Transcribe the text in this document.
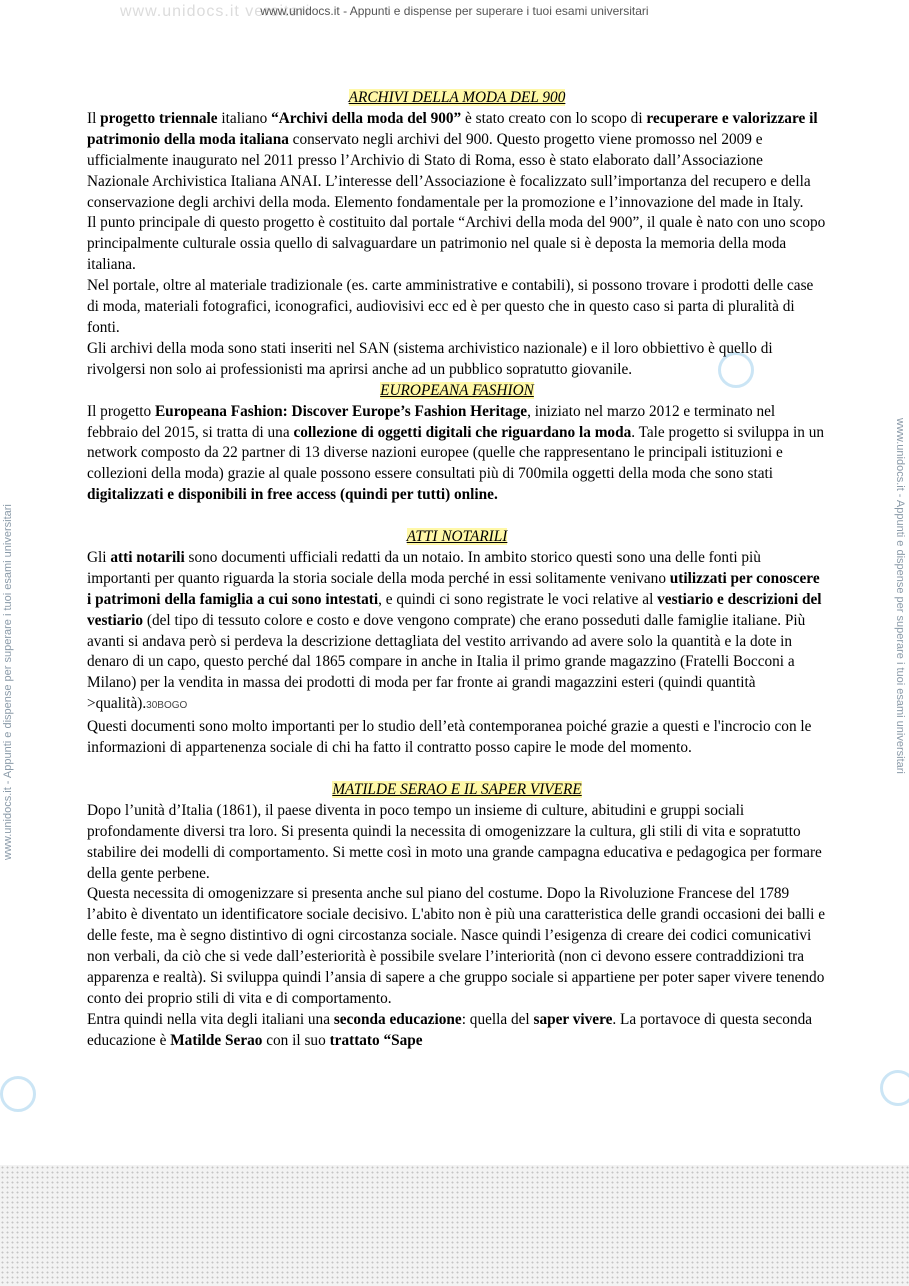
www.unidocs.it versitari
www.unidocs.it - Appunti e dispense per superare i tuoi esami universitari
www.unidocs.it - Appunti e dispense per superare i tuoi esami universitari	www.unidocs.it - Appunti e dispense per superare i tuoi esami universitari
ARCHIVI DELLA MODA DEL 900

Il progetto triennale italiano “Archivi della moda del 900” è stato creato con lo scopo di recuperare e valorizzare il patrimonio della moda italiana conservato negli archivi del 900. Questo progetto viene promosso nel 2009 e ufficialmente inaugurato nel 2011 presso l’Archivio di Stato di Roma, esso è stato elaborato dall’Associazione Nazionale Archivistica Italiana ANAI. L’interesse dell’Associazione è focalizzato sull’importanza del recupero e della conservazione degli archivi della moda. Elemento fondamentale per la promozione e l’innovazione del made in Italy.

Il punto principale di questo progetto è costituito dal portale “Archivi della moda del 900”, il quale è nato con uno scopo principalmente culturale ossia quello di salvaguardare un patrimonio nel quale si è deposta la memoria della moda italiana.

Nel portale, oltre al materiale tradizionale (es. carte amministrative e contabili), si possono trovare i prodotti delle case di moda, materiali fotografici, iconografici, audiovisivi ecc ed è per questo che in questo caso si parta di pluralità di fonti.

Gli archivi della moda sono stati inseriti nel SAN (sistema archivistico nazionale) e il loro obbiettivo è quello di rivolgersi non solo ai professionisti ma aprirsi anche ad un pubblico sopratutto giovanile.

EUROPEANA FASHION

Il progetto Europeana Fashion: Discover Europe’s Fashion Heritage, iniziato nel marzo 2012 e terminato nel febbraio del 2015, si tratta di una collezione di oggetti digitali che riguardano la moda. Tale progetto si sviluppa in un network composto da 22 partner di 13 diverse nazioni europee (quelle che rappresentano le principali istituzioni e collezioni della moda) grazie al quale possono essere consultati più di 700mila oggetti della moda che sono stati digitalizzati e disponibili in free access (quindi per tutti) online.

ATTI NOTARILI

Gli atti notarili sono documenti ufficiali redatti da un notaio. In ambito storico questi sono una delle fonti più importanti per quanto riguarda la storia sociale della moda perché in essi solitamente venivano utilizzati per conoscere i patrimoni della famiglia a cui sono intestati, e quindi ci sono registrate le voci relative al vestiario e descrizioni del vestiario (del tipo di tessuto colore e costo e dove vengono comprate) che erano posseduti dalle famiglie italiane. Più avanti si andava però si perdeva la descrizione dettagliata del vestito arrivando ad avere solo la quantità e la dote in denaro di un capo, questo perché dal 1865 compare in anche in Italia il primo grande magazzino (Fratelli Bocconi a Milano) per la vendita in massa dei prodotti di moda per far fronte ai grandi magazzini esteri (quindi quantità >qualità).30BOGO

Questi documenti sono molto importanti per lo studio dell’età contemporanea poiché grazie a questi e l'incrocio con le informazioni di appartenenza sociale di chi ha fatto il contratto posso capire le mode del momento.

MATILDE SERAO E IL SAPER VIVERE

Dopo l’unità d’Italia (1861), il paese diventa in poco tempo un insieme di culture, abitudini e gruppi sociali profondamente diversi tra loro. Si presenta quindi la necessita di omogenizzare la cultura, gli stili di vita e sopratutto stabilire dei modelli di comportamento. Si mette così in moto una grande campagna educativa e pedagogica per formare della gente perbene.

Questa necessita di omogenizzare si presenta anche sul piano del costume. Dopo la Rivoluzione Francese del 1789 l’abito è diventato un identificatore sociale decisivo. L'abito non è più una caratteristica delle grandi occasioni dei balli e delle feste, ma è segno distintivo di ogni circostanza sociale. Nasce quindi l’esigenza di creare dei codici comunicativi non verbali, da ciò che si vede dall’esteriorità è possibile svelare l’interiorità (non ci devono essere contraddizioni tra apparenza e realtà). Si sviluppa quindi l’ansia di sapere a che gruppo sociale si appartiene per poter saper vivere tenendo conto dei proprio stili di vita e di comportamento.

Entra quindi nella vita degli italiani una seconda educazione: quella del saper vivere. La portavoce di questa seconda educazione è Matilde Serao con il suo trattato “Sape
